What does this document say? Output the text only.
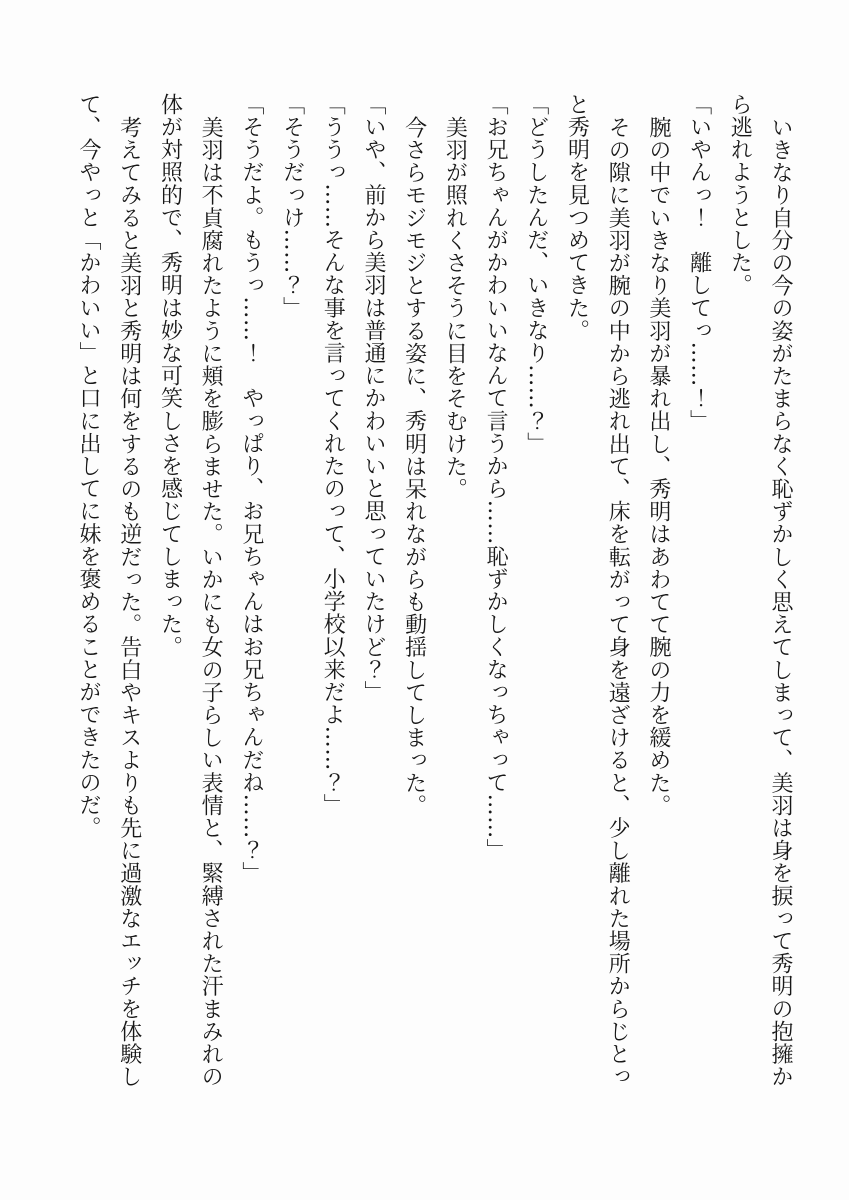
いきなり自分の今の姿がたまらなく恥ずかしく思えてしまって、美羽は身を捩って秀明の抱擁か
ら逃れようとした。
「いやんっ！　離してっ……！」
腕の中でいきなり美羽が暴れ出し、秀明はあわてて腕の力を緩めた。
その隙に美羽が腕の中から逃れ出て、床を転がって身を遠ざけると、少し離れた場所からじとっ
と秀明を見つめてきた。
「どうしたんだ、いきなり……？」
「お兄ちゃんがかわいいなんて言うから……恥ずかしくなっちゃって……」
美羽が照れくさそうに目をそむけた。
今さらモジモジとする姿に、秀明は呆れながらも動揺してしまった。
「いや、前から美羽は普通にかわいいと思っていたけど？」
「ううっ……そんな事を言ってくれたのって、小学校以来だよ……？」
「そうだっけ……？」
「そうだよ。もうっ……！　やっぱり、お兄ちゃんはお兄ちゃんだね……？」
美羽は不貞腐れたように頬を膨らませた。いかにも女の子らしい表情と、緊縛された汗まみれの
体が対照的で、秀明は妙な可笑しさを感じてしまった。
考えてみると美羽と秀明は何をするのも逆だった。告白やキスよりも先に過激なエッチを体験し
て、今やっと「かわいい」と口に出してに妹を褒めることができたのだ。
